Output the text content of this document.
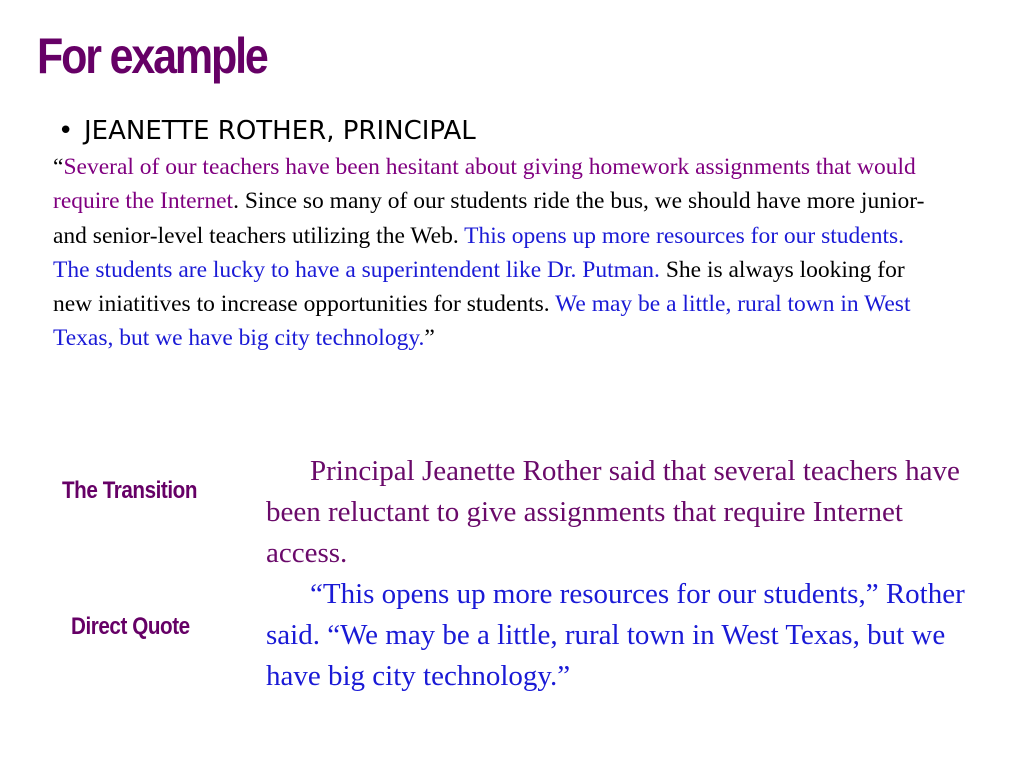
For example
• JEANETTE ROTHER, PRINCIPAL

“Several of our teachers have been hesitant about giving homework assignments that would require the Internet. Since so many of our students ride the bus, we should have more junior- and senior-level teachers utilizing the Web. This opens up more resources for our students. The students are lucky to have a superintendent like Dr. Putman. She is always looking for new iniatitives to increase opportunities for students. We may be a little, rural town in West Texas, but we have big city technology.”

The Transition
Direct Quote

Principal Jeanette Rother said that several teachers have been reluctant to give assignments that require Internet access.

“This opens up more resources for our students,” Rother said. “We may be a little, rural town in West Texas, but we have big city technology.”
